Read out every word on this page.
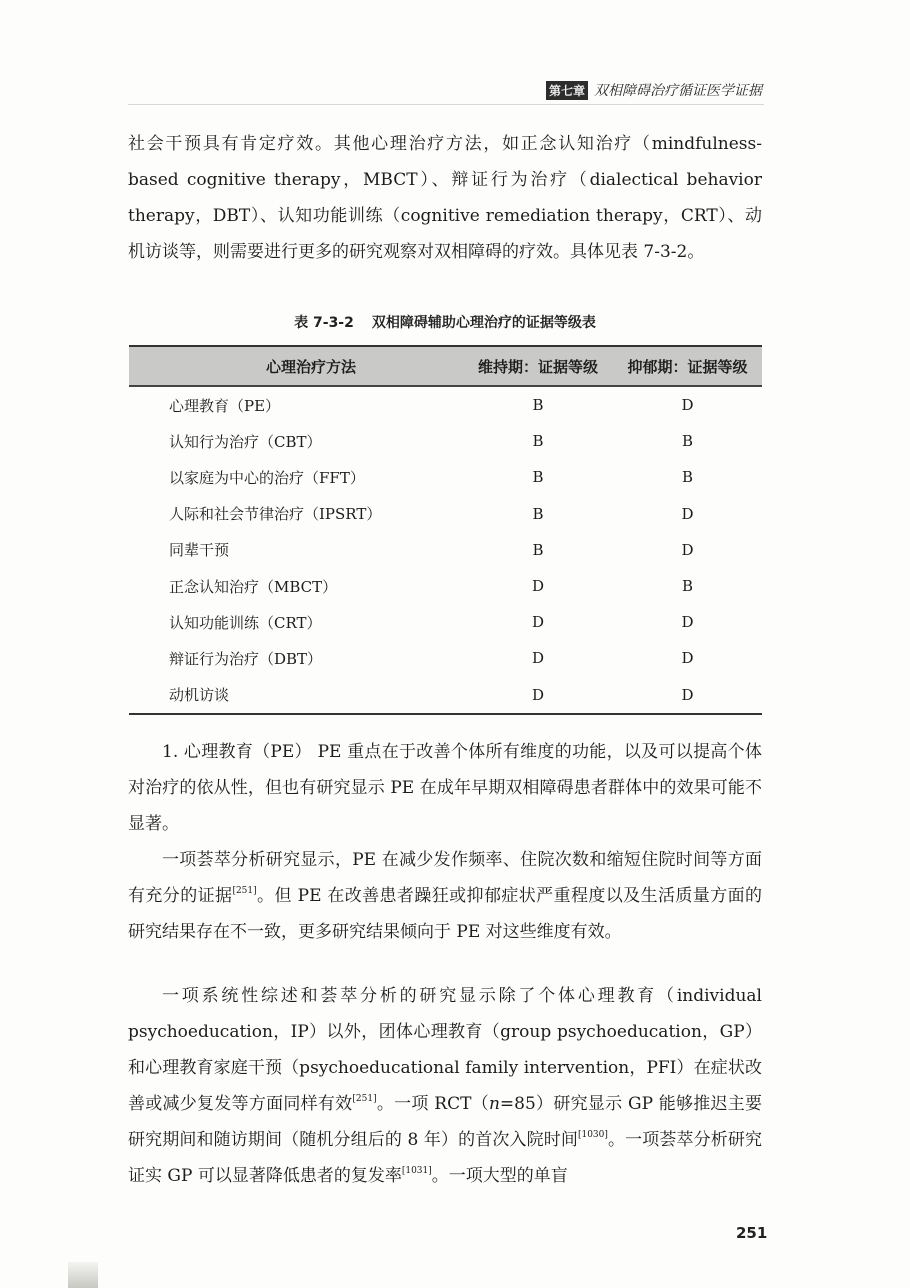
第七章 双相障碍治疗循证医学证据

社会干预具有肯定疗效。其他心理治疗方法，如正念认知治疗（mindfulness-based cognitive therapy，MBCT）、辩证行为治疗（dialectical behavior therapy，DBT）、认知功能训练（cognitive remediation therapy，CRT）、动机访谈等，则需要进行更多的研究观察对双相障碍的疗效。具体见表 7-3-2。

表 7-3-2 双相障碍辅助心理治疗的证据等级表
心理治疗方法	维持期：证据等级	抑郁期：证据等级
心理教育（PE）	B	D
认知行为治疗（CBT）	B	B
以家庭为中心的治疗（FFT）	B	B
人际和社会节律治疗（IPSRT）	B	D
同辈干预	B	D
正念认知治疗（MBCT）	D	B
认知功能训练（CRT）	D	D
辩证行为治疗（DBT）	D	D
动机访谈	D	D

1. 心理教育（PE） PE 重点在于改善个体所有维度的功能，以及可以提高个体对治疗的依从性，但也有研究显示 PE 在成年早期双相障碍患者群体中的效果可能不显著。

一项荟萃分析研究显示，PE 在减少发作频率、住院次数和缩短住院时间等方面有充分的证据[251]。但 PE 在改善患者躁狂或抑郁症状严重程度以及生活质量方面的研究结果存在不一致，更多研究结果倾向于 PE 对这些维度有效。

一项系统性综述和荟萃分析的研究显示除了个体心理教育（individual psychoeducation，IP）以外，团体心理教育（group psychoeducation，GP）和心理教育家庭干预（psychoeducational family intervention，PFI）在症状改善或减少复发等方面同样有效[251]。一项 RCT（n=85）研究显示 GP 能够推迟主要研究期间和随访期间（随机分组后的 8 年）的首次入院时间[1030]。一项荟萃分析研究证实 GP 可以显著降低患者的复发率[1031]。一项大型的单盲

251
